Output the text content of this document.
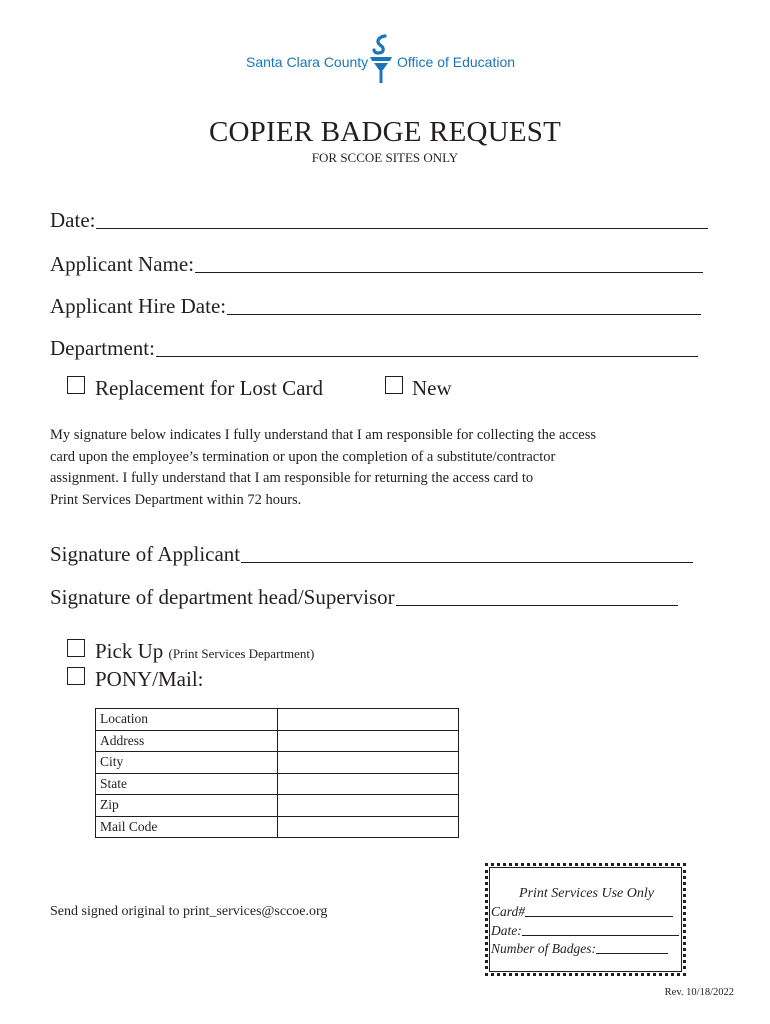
Santa Clara County Office of Education
COPIER BADGE REQUEST
FOR SCCOE SITES ONLY
Date:
Applicant Name:
Applicant Hire Date:
Department:
Replacement for Lost Card	New
My signature below indicates I fully understand that I am responsible for collecting the access
card upon the employee’s termination or upon the completion of a substitute/contractor
assignment. I fully understand that I am responsible for returning the access card to
Print Services Department within 72 hours.
Signature of Applicant
Signature of department head/Supervisor
Pick Up (Print Services Department)
PONY/Mail:
Location	
Address	
City	
State	
Zip	
Mail Code	
Send signed original to print_services@sccoe.org
Print Services Use Only
Card#
Date:
Number of Badges:
Rev. 10/18/2022
